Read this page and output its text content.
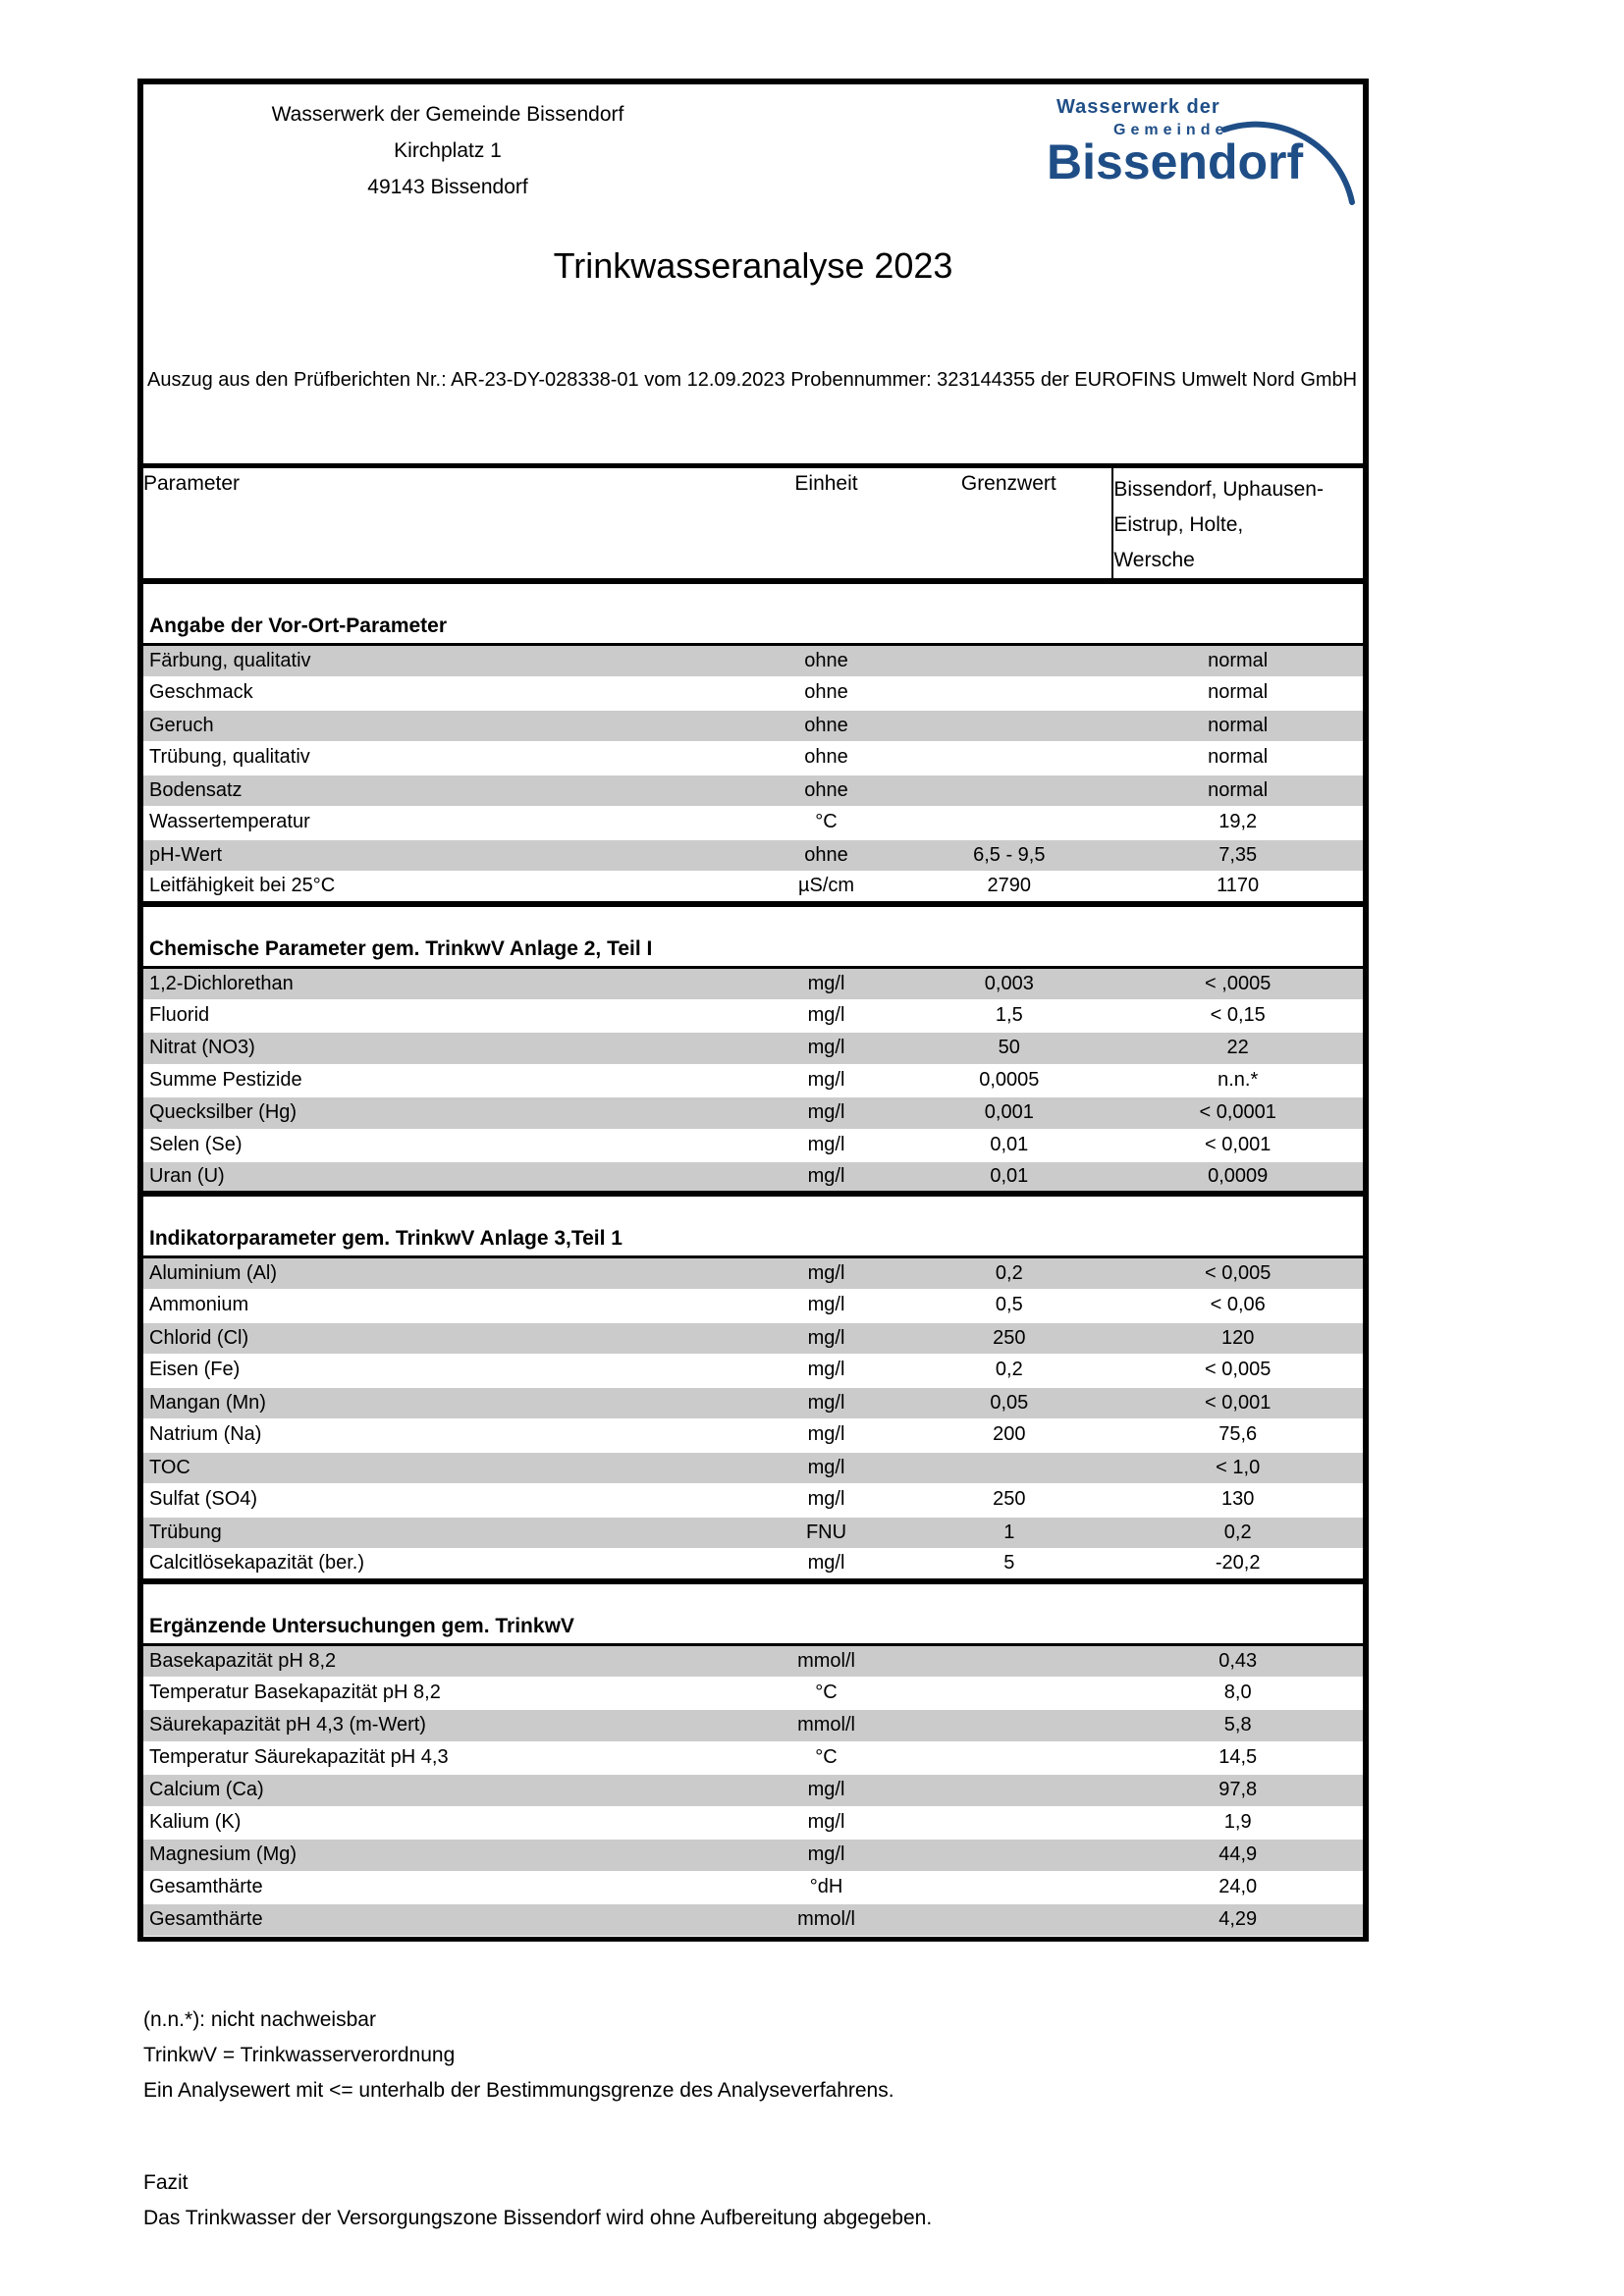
Wasserwerk der Gemeinde Bissendorf
Kirchplatz 1
49143 Bissendorf
Wasserwerk der
Gemeinde
Bissendorf
Trinkwasseranalyse 2023
Auszug aus den Prüfberichten Nr.: AR-23-DY-028338-01 vom 12.09.2023 Probennummer: 323144355 der EUROFINS Umwelt Nord GmbH
Parameter	Einheit	Grenzwert	Bissendorf, Uphausen-
Eistrup, Holte,
Wersche
Angabe der Vor-Ort-Parameter			
Färbung, qualitativ	ohne		normal
Geschmack	ohne		normal
Geruch	ohne		normal
Trübung, qualitativ	ohne		normal
Bodensatz	ohne		normal
Wassertemperatur	°C		19,2
pH-Wert	ohne	6,5 - 9,5	7,35
Leitfähigkeit bei 25°C	µS/cm	2790	1170
Chemische Parameter gem. TrinkwV Anlage 2, Teil I			
1,2-Dichlorethan	mg/l	0,003	< ,0005
Fluorid	mg/l	1,5	< 0,15
Nitrat (NO3)	mg/l	50	22
Summe Pestizide	mg/l	0,0005	n.n.*
Quecksilber (Hg)	mg/l	0,001	< 0,0001
Selen (Se)	mg/l	0,01	< 0,001
Uran (U)	mg/l	0,01	0,0009
Indikatorparameter gem. TrinkwV Anlage 3,Teil 1			
Aluminium (Al)	mg/l	0,2	< 0,005
Ammonium	mg/l	0,5	< 0,06
Chlorid (Cl)	mg/l	250	120
Eisen (Fe)	mg/l	0,2	< 0,005
Mangan (Mn)	mg/l	0,05	< 0,001
Natrium (Na)	mg/l	200	75,6
TOC	mg/l		< 1,0
Sulfat (SO4)	mg/l	250	130
Trübung	FNU	1	0,2
Calcitlösekapazität (ber.)	mg/l	5	-20,2
Ergänzende Untersuchungen gem. TrinkwV			
Basekapazität pH 8,2	mmol/l		0,43
Temperatur Basekapazität pH 8,2	°C		8,0
Säurekapazität pH 4,3 (m-Wert)	mmol/l		5,8
Temperatur Säurekapazität pH 4,3	°C		14,5
Calcium (Ca)	mg/l		97,8
Kalium (K)	mg/l		1,9
Magnesium (Mg)	mg/l		44,9
Gesamthärte	°dH		24,0
Gesamthärte	mmol/l		4,29
(n.n.*): nicht nachweisbar
TrinkwV = Trinkwasserverordnung
Ein Analysewert mit <= unterhalb der Bestimmungsgrenze des Analyseverfahrens.
Fazit
Das Trinkwasser der Versorgungszone Bissendorf wird ohne Aufbereitung abgegeben.
